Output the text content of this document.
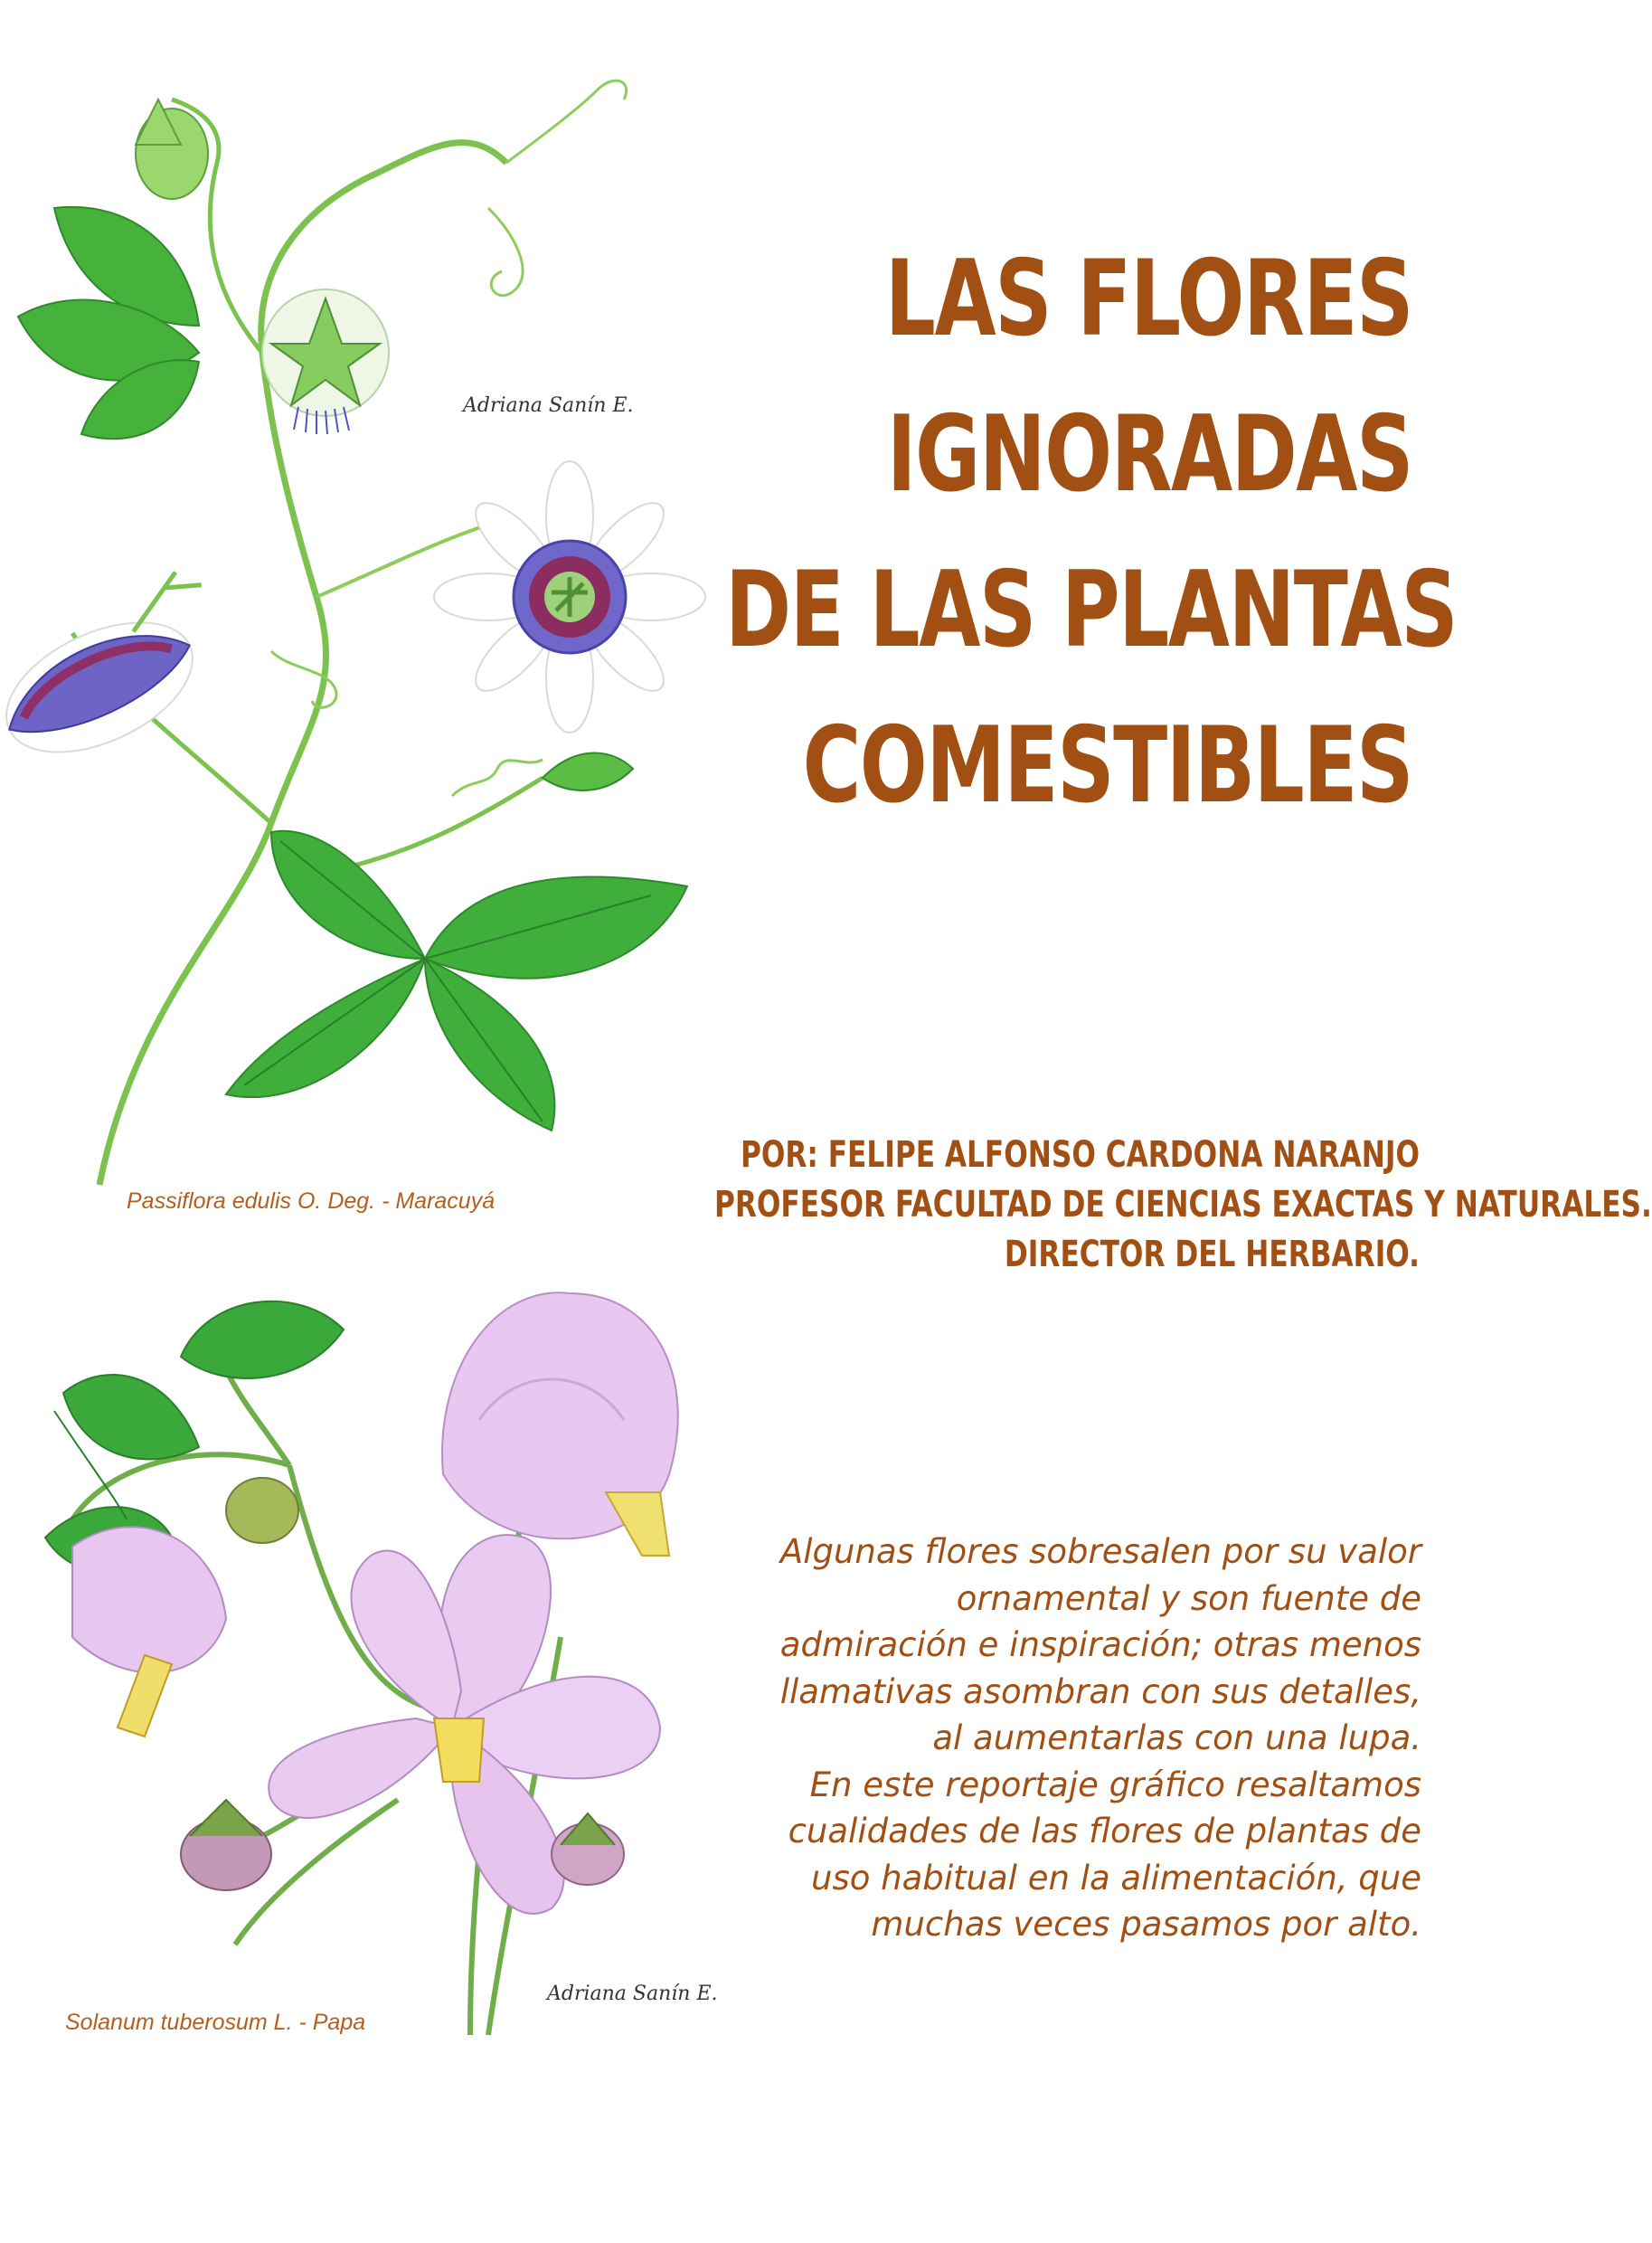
LAS FLORES
IGNORADAS
DE LAS PLANTAS
COMESTIBLES
POR: FELIPE ALFONSO CARDONA NARANJO
PROFESOR FACULTAD DE CIENCIAS EXACTAS Y NATURALES.
DIRECTOR DEL HERBARIO.
Algunas flores sobresalen por su valor
ornamental y son fuente de
admiración e inspiración; otras menos
llamativas asombran con sus detalles,
al aumentarlas con una lupa.
En este reportaje gráfico resaltamos
cualidades de las flores de plantas de
uso habitual en la alimentación, que
muchas veces pasamos por alto.
Passiflora edulis O. Deg. - Maracuyá
Solanum tuberosum L. - Papa
Adriana Sanín E.
Adriana Sanín E.
